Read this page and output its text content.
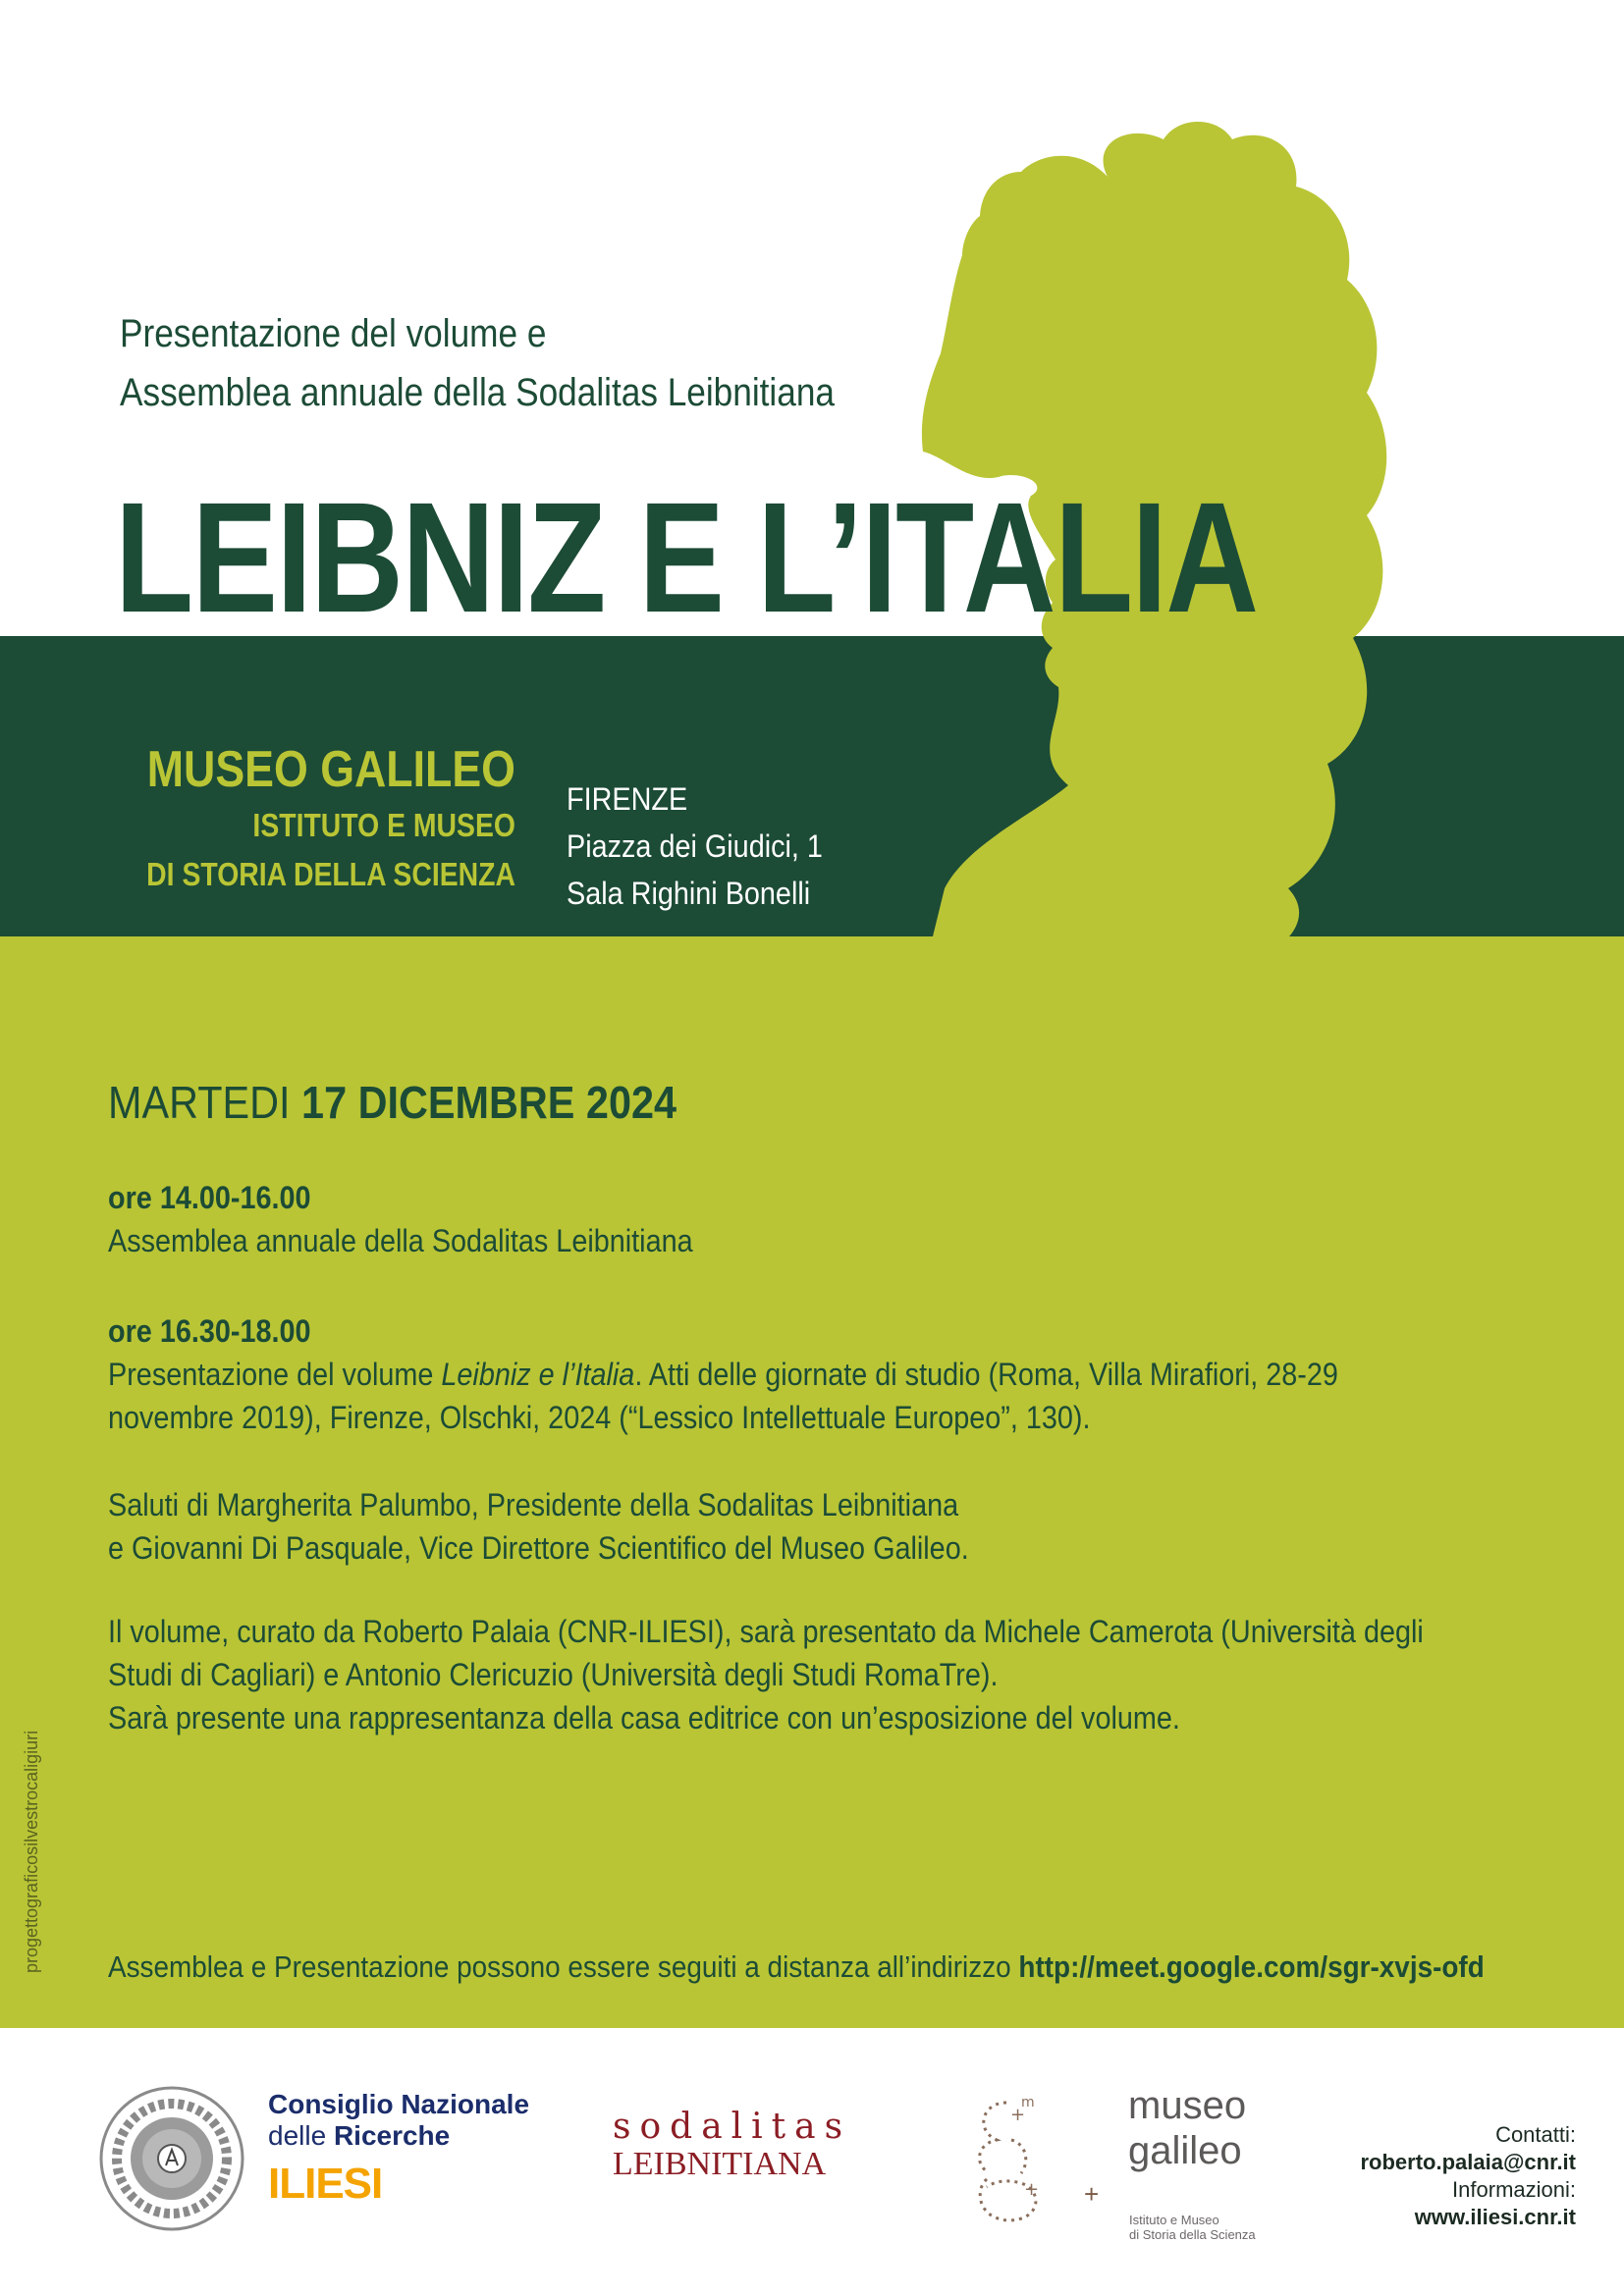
Presentazione del volume e
Assemblea annuale della Sodalitas Leibnitiana
LEIBNIZ E L’ITALIA
MUSEO GALILEO
ISTITUTO E MUSEO
DI STORIA DELLA SCIENZA
FIRENZE
Piazza dei Giudici, 1
Sala Righini Bonelli
MARTEDI 17 DICEMBRE 2024
ore 14.00-16.00
Assemblea annuale della Sodalitas Leibnitiana
ore 16.30-18.00
Presentazione del volume Leibniz e l’Italia. Atti delle giornate di studio (Roma, Villa Mirafiori, 28-29
novembre 2019), Firenze, Olschki, 2024 (“Lessico Intellettuale Europeo”, 130).
Saluti di Margherita Palumbo, Presidente della Sodalitas Leibnitiana
e Giovanni Di Pasquale, Vice Direttore Scientifico del Museo Galileo.
Il volume, curato da Roberto Palaia (CNR-ILIESI), sarà presentato da Michele Camerota (Università degli
Studi di Cagliari) e Antonio Clericuzio (Università degli Studi RomaTre).
Sarà presente una rappresentanza della casa editrice con un’esposizione del volume.
Assemblea e Presentazione possono essere seguiti a distanza all’indirizzo http://meet.google.com/sgr-xvjs-ofd
progettograficosilvestrocaligiuri
Consiglio Nazionale
delle Ricerche
ILIESI
sodalitas
LEIBNITIANA
m
+
+ +
museo
galileo
Istituto e Museo
di Storia della Scienza
Contatti:
roberto.palaia@cnr.it
Informazioni:
www.iliesi.cnr.it
